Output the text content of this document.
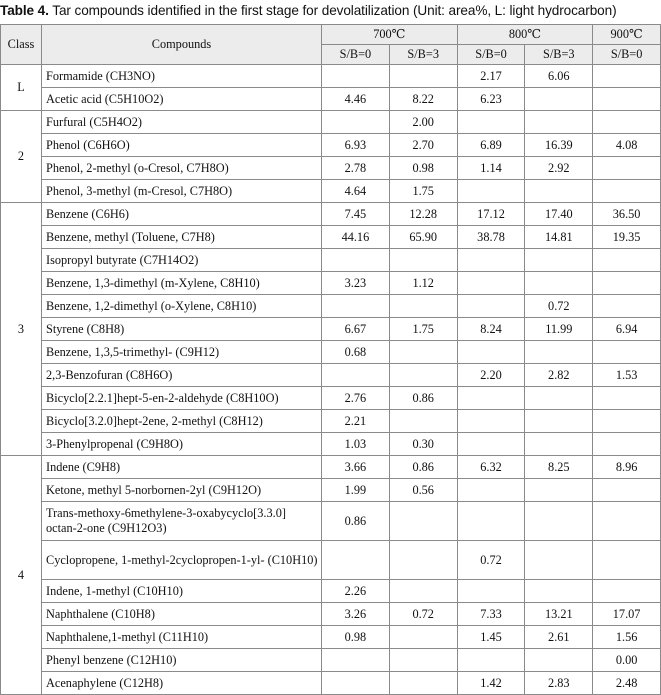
Table 4. Tar compounds identified in the first stage for devolatilization (Unit: area%, L: light hydrocarbon)
Class	Compounds	700℃		800℃		900℃
		S/B=0	S/B=3	S/B=0	S/B=3	S/B=0
L	Formamide (CH3NO)			2.17	6.06	
	Acetic acid (C5H10O2)	4.46	8.22	6.23		
2	Furfural (C5H4O2)		2.00			
	Phenol (C6H6O)	6.93	2.70	6.89	16.39	4.08
	Phenol, 2-methyl (o-Cresol, C7H8O)	2.78	0.98	1.14	2.92	
	Phenol, 3-methyl (m-Cresol, C7H8O)	4.64	1.75			
3	Benzene (C6H6)	7.45	12.28	17.12	17.40	36.50
	Benzene, methyl (Toluene, C7H8)	44.16	65.90	38.78	14.81	19.35
	Isopropyl butyrate (C7H14O2)					
	Benzene, 1,3-dimethyl (m-Xylene, C8H10)	3.23	1.12			
	Benzene, 1,2-dimethyl (o-Xylene, C8H10)				0.72	
	Styrene (C8H8)	6.67	1.75	8.24	11.99	6.94
	Benzene, 1,3,5-trimethyl- (C9H12)	0.68				
	2,3-Benzofuran (C8H6O)			2.20	2.82	1.53
	Bicyclo[2.2.1]hept-5-en-2-aldehyde (C8H10O)	2.76	0.86			
	Bicyclo[3.2.0]hept-2ene, 2-methyl (C8H12)	2.21				
	3-Phenylpropenal (C9H8O)	1.03	0.30			
4	Indene (C9H8)	3.66	0.86	6.32	8.25	8.96
	Ketone, methyl 5-norbornen-2yl (C9H12O)	1.99	0.56			
	Trans-methoxy-6methylene-3-oxabycyclo[3.3.0] octan-2-one (C9H12O3)	0.86				
	Cyclopropene, 1-methyl-2cyclopropen-1-yl- (C10H10)			0.72		
	Indene, 1-methyl (C10H10)	2.26				
	Naphthalene (C10H8)	3.26	0.72	7.33	13.21	17.07
	Naphthalene,1-methyl (C11H10)	0.98		1.45	2.61	1.56
	Phenyl benzene (C12H10)					0.00
	Acenaphylene (C12H8)			1.42	2.83	2.48
